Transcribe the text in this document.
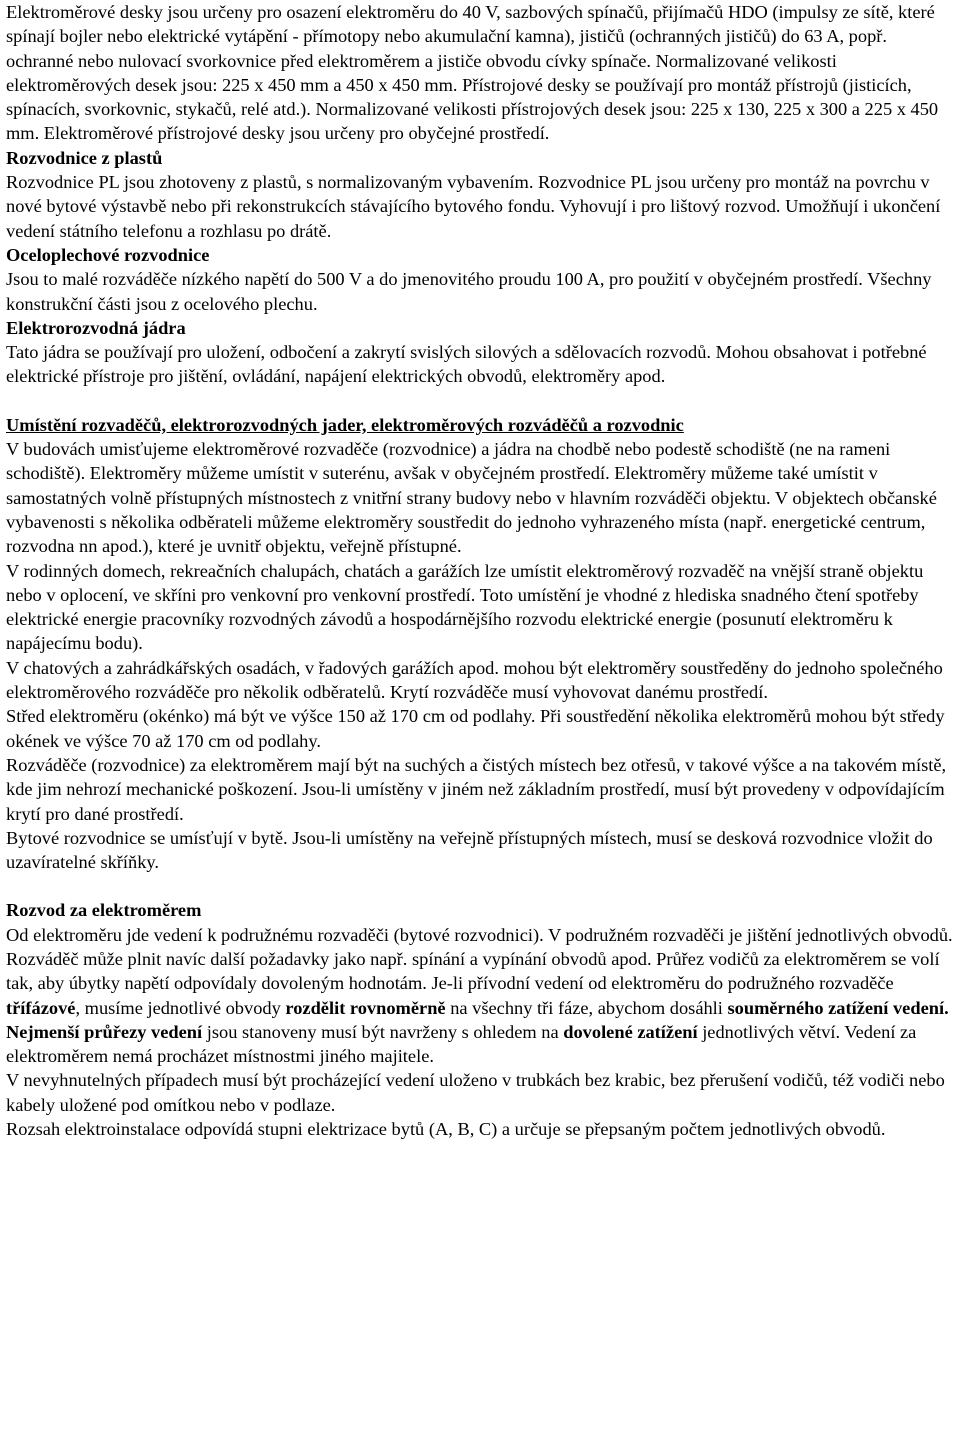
Elektroměrové desky jsou určeny pro osazení elektroměru do 40 V, sazbových spínačů, přijímačů HDO (impulsy ze sítě, které spínají bojler nebo elektrické vytápění - přímotopy nebo akumulační kamna), jističů (ochranných jističů) do 63 A, popř. ochranné nebo nulovací svorkovnice před elektroměrem a jističe obvodu cívky spínače. Normalizované velikosti elektroměrových desek jsou: 225 x 450 mm a 450 x 450 mm. Přístrojové desky se používají pro montáž přístrojů (jisticích, spínacích, svorkovnic, stykačů, relé atd.). Normalizované velikosti přístrojových desek jsou: 225 x 130, 225 x 300 a 225 x 450 mm. Elektroměrové přístrojové desky jsou určeny pro obyčejné prostředí.

Rozvodnice z plastů

Rozvodnice PL jsou zhotoveny z plastů, s normalizovaným vybavením. Rozvodnice PL jsou určeny pro montáž na povrchu v nové bytové výstavbě nebo při rekonstrukcích stávajícího bytového fondu. Vyhovují i pro lištový rozvod. Umožňují i ukončení vedení státního telefonu a rozhlasu po drátě.

Oceloplechové rozvodnice

Jsou to malé rozváděče nízkého napětí do 500 V a do jmenovitého proudu 100 A, pro použití v obyčejném prostředí. Všechny konstrukční části jsou z ocelového plechu.

Elektrorozvodná jádra

Tato jádra se používají pro uložení, odbočení a zakrytí svislých silových a sdělovacích rozvodů. Mohou obsahovat i potřebné elektrické přístroje pro jištění, ovládání, napájení elektrických obvodů, elektroměry apod.

Umístění rozvaděčů, elektrorozvodných jader, elektroměrových rozváděčů a rozvodnic

V budovách umisťujeme elektroměrové rozvaděče (rozvodnice) a jádra na chodbě nebo podestě schodiště (ne na rameni schodiště). Elektroměry můžeme umístit v suterénu, avšak v obyčejném prostředí. Elektroměry můžeme také umístit v samostatných volně přístupných místnostech z vnitřní strany budovy nebo v hlavním rozváděči objektu. V objektech občanské vybavenosti s několika odběrateli můžeme elektroměry soustředit do jednoho vyhrazeného místa (např. energetické centrum, rozvodna nn apod.), které je uvnitř objektu, veřejně přístupné.

V rodinných domech, rekreačních chalupách, chatách a garážích lze umístit elektroměrový rozvaděč na vnější straně objektu nebo v oplocení, ve skříni pro venkovní pro venkovní prostředí. Toto umístění je vhodné z hlediska snadného čtení spotřeby elektrické energie pracovníky rozvodných závodů a hospodárnějšího rozvodu elektrické energie (posunutí elektroměru k napájecímu bodu).

V chatových a zahrádkářských osadách, v řadových garážích apod. mohou být elektroměry soustředěny do jednoho společného elektroměrového rozváděče pro několik odběratelů. Krytí rozváděče musí vyhovovat danému prostředí.

Střed elektroměru (okénko) má být ve výšce 150 až 170 cm od podlahy. Při soustředění několika elektroměrů mohou být středy okének ve výšce 70 až 170 cm od podlahy.

Rozváděče (rozvodnice) za elektroměrem mají být na suchých a čistých místech bez otřesů, v takové výšce a na takovém místě, kde jim nehrozí mechanické poškození. Jsou-li umístěny v jiném než základním prostředí, musí být provedeny v odpovídajícím krytí pro dané prostředí.

Bytové rozvodnice se umísťují v bytě. Jsou-li umístěny na veřejně přístupných místech, musí se desková rozvodnice vložit do uzavíratelné skříňky.

Rozvod za elektroměrem

Od elektroměru jde vedení k podružnému rozvaděči (bytové rozvodnici). V podružném rozvaděči je jištění jednotlivých obvodů. Rozváděč může plnit navíc další požadavky jako např. spínání a vypínání obvodů apod. Průřez vodičů za elektroměrem se volí tak, aby úbytky napětí odpovídaly dovoleným hodnotám. Je-li přívodní vedení od elektroměru do podružného rozvaděče třífázové, musíme jednotlivé obvody rozdělit rovnoměrně na všechny tři fáze, abychom dosáhli souměrného zatížení vedení.

Nejmenší průřezy vedení jsou stanoveny musí být navrženy s ohledem na dovolené zatížení jednotlivých větví. Vedení za elektroměrem nemá procházet místnostmi jiného majitele.

V nevyhnutelných případech musí být procházející vedení uloženo v trubkách bez krabic, bez přerušení vodičů, též vodiči nebo kabely uložené pod omítkou nebo v podlaze.

Rozsah elektroinstalace odpovídá stupni elektrizace bytů (A, B, C) a určuje se přepsaným počtem jednotlivých obvodů.
